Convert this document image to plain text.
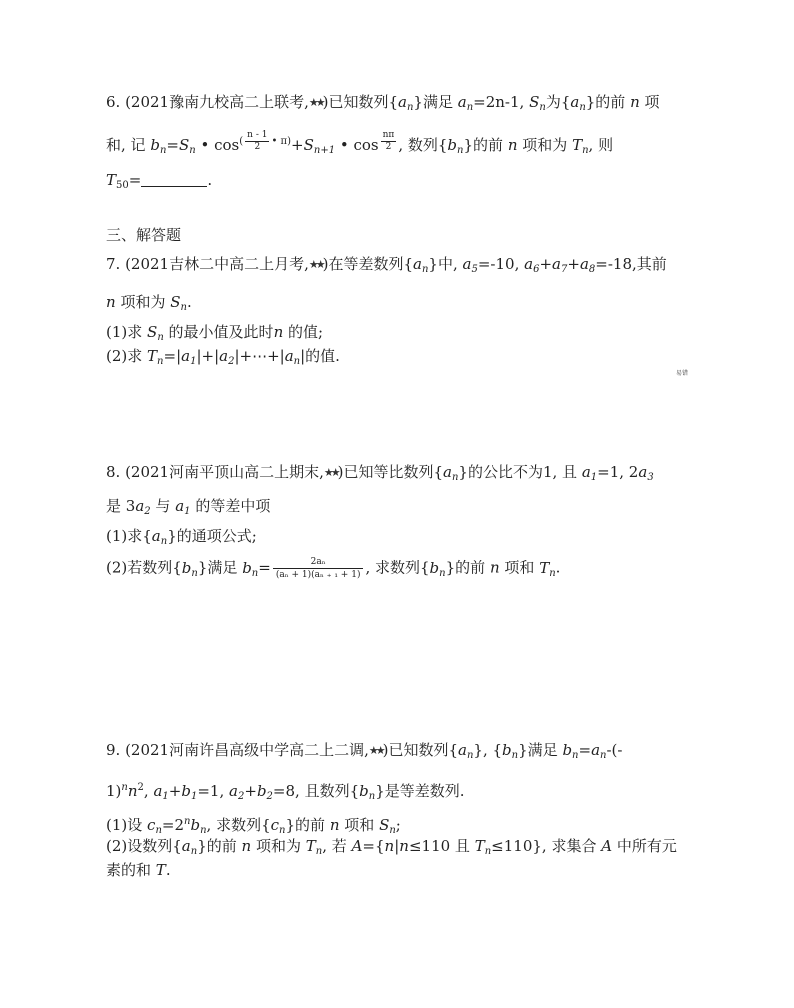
6. (2021豫南九校高二上联考,★★)已知数列$\{a_n\}$满足 $a_n=2n-1$, $S_n$为$\{a_n\}$的前 n 项
和, 记 $b_n=S_n$ • $\cos( \frac{n - 1}{2}$ • $\pi)+S_{n+1}$ • $\cos \frac{n\pi}{2}$ , 数列$\{b_n\}$的前 n 项和为 $T_n$, 则
$T_{50}=$	.
三、解答题
7. (2021吉林二中高二上月考,★★)在等差数列$\{a_n\}$中, $a_5=-10$, $a_6+a_7+a_8=-18$,其前
n 项和为 $S_n$.
(1)求 $S_n$ 的最小值及此时n 的值;
(2)求 $T_n=|a_1|+|a_2|+\cdots+|a_n|$的值.
易错
8. (2021河南平顶山高二上期末,★★)已知等比数列$\{a_n\}$的公比不为1, 且 $a_1=1$, $2a_3$
是 $3a_2$ 与 $a_1$ 的等差中项
(1)求$\{a_n\}$的通项公式;
(2)若数列$\{b_n\}$满足 $b_n= \frac{\text{2aₙ}}{\text{(aₙ + 1)(aₙ ₊ ₁ + 1)}}$ , 求数列$\{b_n\}$的前 n 项和 $T_n$.
9. (2021河南许昌高级中学高二上二调,★★)已知数列$\{a_n\}$, $\{b_n\}$满足 $b_n=a_n-(-$
$1)^nn^2$, $a_1+b_1=1$, $a_2+b_2=8$, 且数列$\{b_n\}$是等差数列.
(1)设 $c_n=2^nb_n$, 求数列$\{c_n\}$的前 n 项和 $S_n$;
(2)设数列$\{a_n\}$的前 n 项和为 $T_n$, 若 A={n|n≤110 且 $T_n\le 110$}, 求集合 A 中所有元
素的和 T.
